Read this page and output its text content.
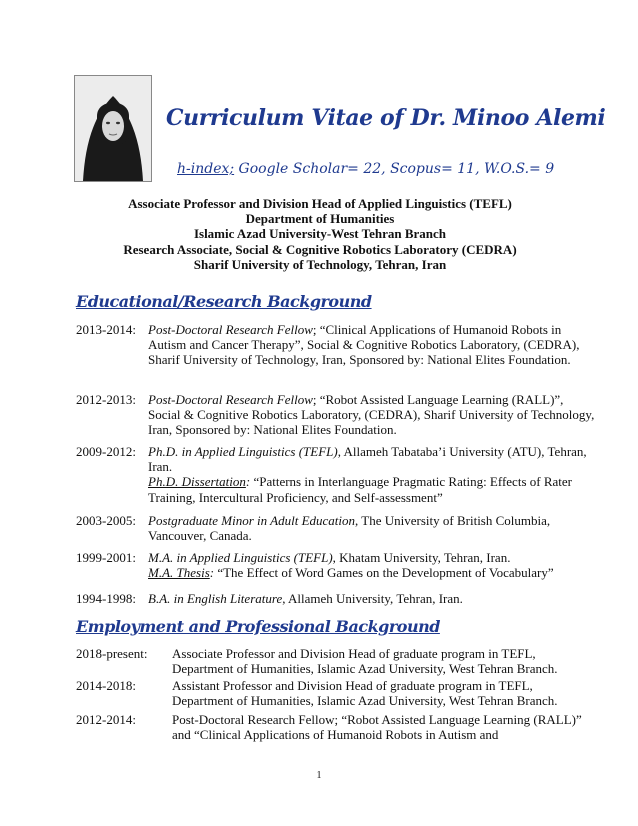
Curriculum Vitae of Dr. Minoo Alemi
h-index; Google Scholar= 22, Scopus= 11, W.O.S.= 9
Associate Professor and Division Head of Applied Linguistics (TEFL)
Department of Humanities
Islamic Azad University-West Tehran Branch
Research Associate, Social & Cognitive Robotics Laboratory (CEDRA)
Sharif University of Technology, Tehran, Iran
Educational/Research Background
2013-2014: Post-Doctoral Research Fellow; “Clinical Applications of Humanoid Robots in Autism and Cancer Therapy”, Social & Cognitive Robotics Laboratory, (CEDRA), Sharif University of Technology, Iran, Sponsored by: National Elites Foundation.
2012-2013: Post-Doctoral Research Fellow; “Robot Assisted Language Learning (RALL)”, Social & Cognitive Robotics Laboratory, (CEDRA), Sharif University of Technology, Iran, Sponsored by: National Elites Foundation.
2009-2012: Ph.D. in Applied Linguistics (TEFL), Allameh Tabataba’i University (ATU), Tehran, Iran.
Ph.D. Dissertation: “Patterns in Interlanguage Pragmatic Rating: Effects of Rater Training, Intercultural Proficiency, and Self-assessment”
2003-2005: Postgraduate Minor in Adult Education, The University of British Columbia, Vancouver, Canada.
1999-2001: M.A. in Applied Linguistics (TEFL), Khatam University, Tehran, Iran.
M.A. Thesis: “The Effect of Word Games on the Development of Vocabulary”
1994-1998: B.A. in English Literature, Allameh University, Tehran, Iran.
Employment and Professional Background
2018-present: Associate Professor and Division Head of graduate program in TEFL, Department of Humanities, Islamic Azad University, West Tehran Branch.
2014-2018:	Assistant Professor and Division Head of graduate program in TEFL, Department of Humanities, Islamic Azad University, West Tehran Branch.
2012-2014:	Post-Doctoral Research Fellow; “Robot Assisted Language Learning (RALL)” and “Clinical Applications of Humanoid Robots in Autism and
1
